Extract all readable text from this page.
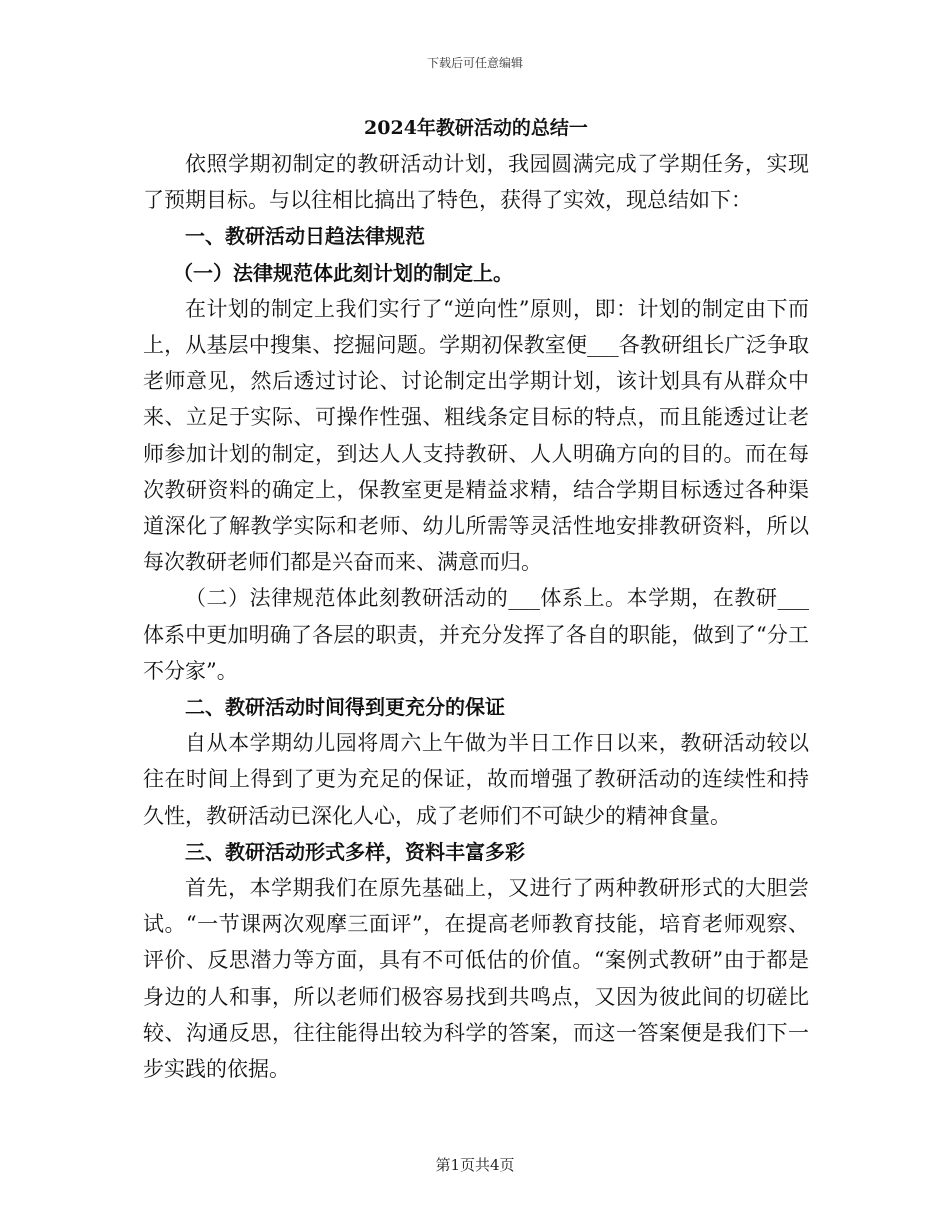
下载后可任意编辑
2024年教研活动的总结一

依照学期初制定的教研活动计划，我园圆满完成了学期任务，实现了预期目标。与以往相比搞出了特色，获得了实效，现总结如下：

一、教研活动日趋法律规范

（一）法律规范体此刻计划的制定上。

在计划的制定上我们实行了“逆向性”原则，即：计划的制定由下而上，从基层中搜集、挖掘问题。学期初保教室便___各教研组长广泛争取老师意见，然后透过讨论、讨论制定出学期计划，该计划具有从群众中来、立足于实际、可操作性强、粗线条定目标的特点，而且能透过让老师参加计划的制定，到达人人支持教研、人人明确方向的目的。而在每次教研资料的确定上，保教室更是精益求精，结合学期目标透过各种渠道深化了解教学实际和老师、幼儿所需等灵活性地安排教研资料，所以每次教研老师们都是兴奋而来、满意而归。

（二）法律规范体此刻教研活动的___体系上。本学期，在教研___体系中更加明确了各层的职责，并充分发挥了各自的职能，做到了“分工不分家”。

二、教研活动时间得到更充分的保证

自从本学期幼儿园将周六上午做为半日工作日以来，教研活动较以往在时间上得到了更为充足的保证，故而增强了教研活动的连续性和持久性，教研活动已深化人心，成了老师们不可缺少的精神食量。

三、教研活动形式多样，资料丰富多彩

首先，本学期我们在原先基础上，又进行了两种教研形式的大胆尝试。“一节课两次观摩三面评”，在提高老师教育技能，培育老师观察、评价、反思潜力等方面，具有不可低估的价值。“案例式教研”由于都是身边的人和事，所以老师们极容易找到共鸣点，又因为彼此间的切磋比较、沟通反思，往往能得出较为科学的答案，而这一答案便是我们下一步实践的依据。

第1页共4页
